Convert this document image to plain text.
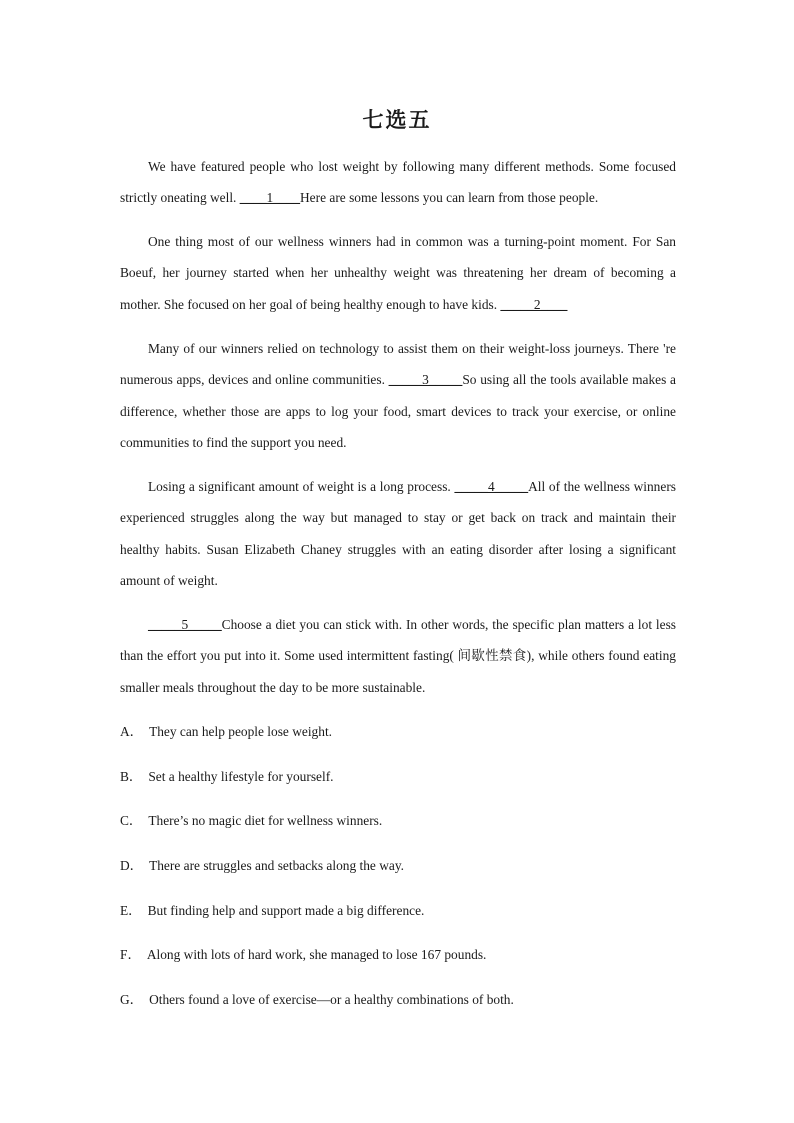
七选五
We have featured people who lost weight by following many different methods. Some focused strictly oneating well. ____1____Here are some lessons you can learn from those people.
One thing most of our wellness winners had in common was a turning-point moment. For San Boeuf, her journey started when her unhealthy weight was threatening her dream of becoming a mother. She focused on her goal of being healthy enough to have kids. _____2____
Many of our winners relied on technology to assist them on their weight-loss journeys. There 're numerous apps, devices and online communities. _____3_____So using all the tools available makes a difference, whether those are apps to log your food, smart devices to track your exercise, or online communities to find the support you need.
Losing a significant amount of weight is a long process. _____4_____All of the wellness winners experienced struggles along the way but managed to stay or get back on track and maintain their healthy habits. Susan Elizabeth Chaney struggles with an eating disorder after losing a significant amount of weight.
_____5_____Choose a diet you can stick with. In other words, the specific plan matters a lot less than the effort you put into it. Some used intermittent fasting( 间歇性禁食), while others found eating smaller meals throughout the day to be more sustainable.
A． They can help people lose weight.
B． Set a healthy lifestyle for yourself.
C． There’s no magic diet for wellness winners.
D． There are struggles and setbacks along the way.
E． But finding help and support made a big difference.
F． Along with lots of hard work, she managed to lose 167 pounds.
G． Others found a love of exercise—or a healthy combinations of both.
